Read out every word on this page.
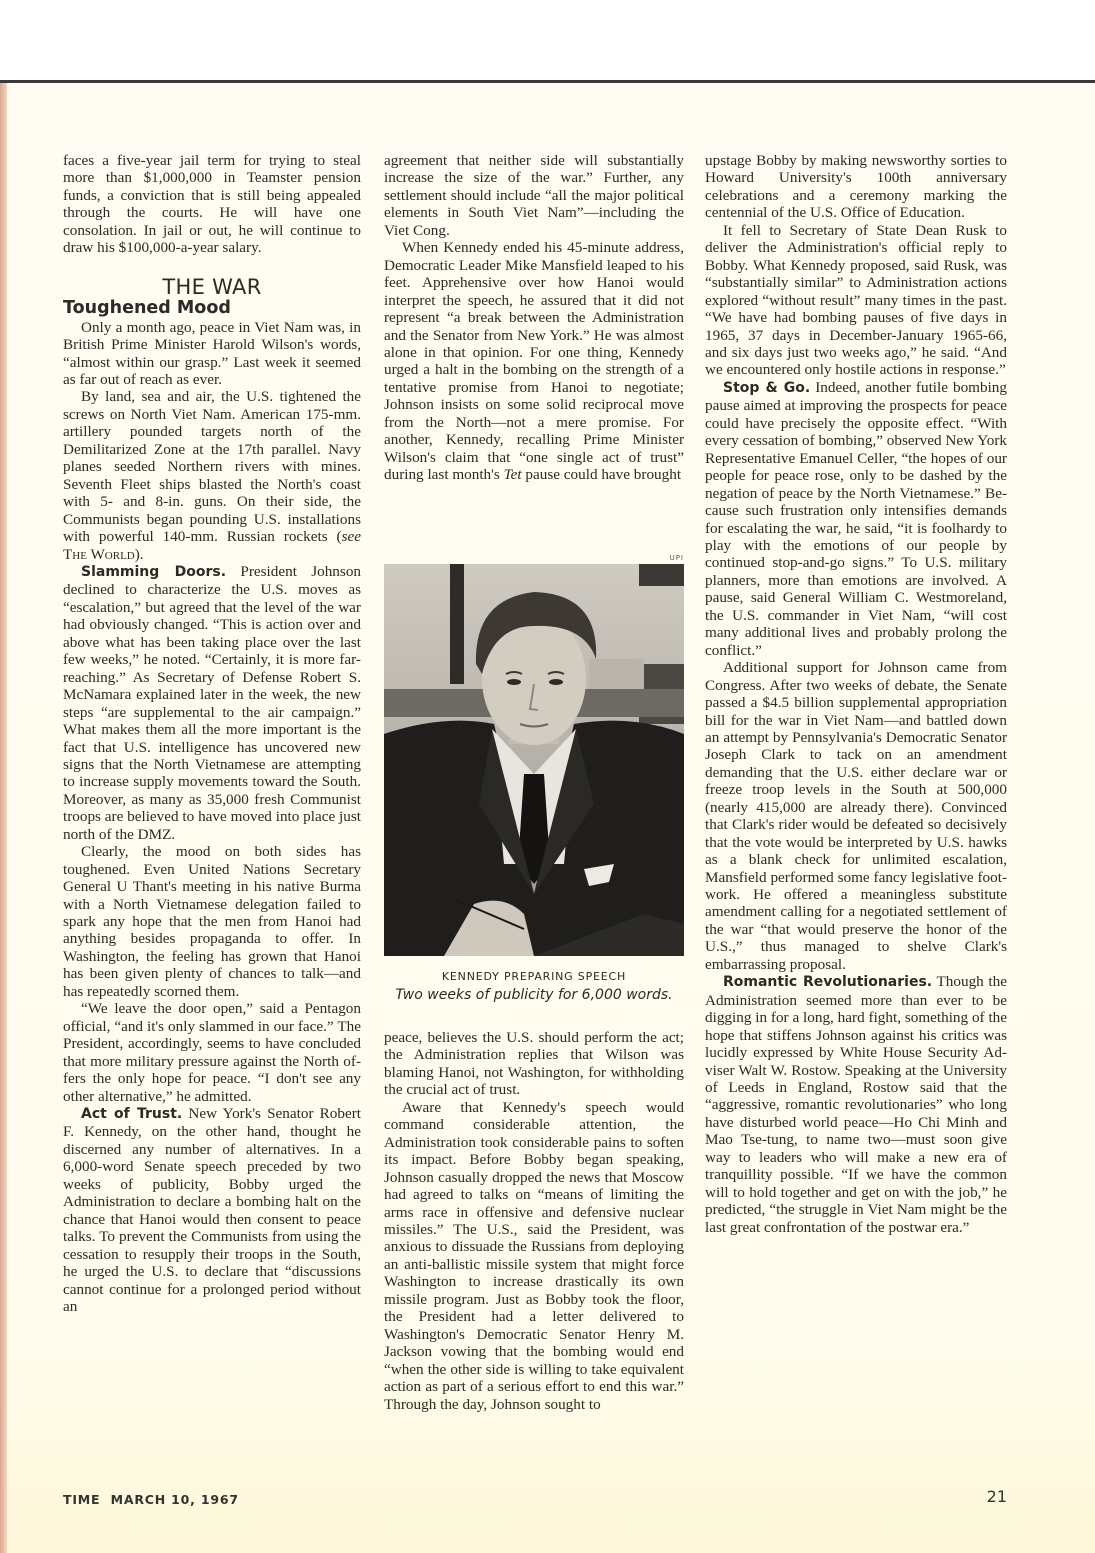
faces a five-year jail term for trying to steal more than $1,000,000 in Teamster pension funds, a conviction that is still being appealed through the courts. He will have one consolation. In jail or out, he will continue to draw his $100,000-a-year salary.

THE WAR
Toughened Mood

Only a month ago, peace in Viet Nam was, in British Prime Minister Harold Wilson's words, “almost within our grasp.” Last week it seemed as far out of reach as ever.

By land, sea and air, the U.S. tightened the screws on North Viet Nam. American 175-mm. artillery pounded targets north of the Demilitarized Zone at the 17th parallel. Navy planes seeded Northern rivers with mines. Seventh Fleet ships blasted the North's coast with 5- and 8-in. guns. On their side, the Communists began pounding U.S. installations with powerful 140-mm. Russian rockets (see The World).

Slamming Doors. President Johnson declined to characterize the U.S. moves as “escalation,” but agreed that the level of the war had obviously changed. “This is action over and above what has been taking place over the last few weeks,” he noted. “Certainly, it is more far-reaching.” As Secretary of Defense Robert S. McNamara explained later in the week, the new steps “are supplemental to the air campaign.” What makes them all the more important is the fact that U.S. intelligence has uncovered new signs that the North Vietnamese are attempting to increase supply movements toward the South. Moreover, as many as 35,000 fresh Communist troops are believed to have moved into place just north of the DMZ.

Clearly, the mood on both sides has toughened. Even United Nations Secretary General U Thant's meeting in his native Burma with a North Vietnamese delegation failed to spark any hope that the men from Hanoi had anything besides propaganda to offer. In Washington, the feeling has grown that Hanoi has been given plenty of chances to talk—and has repeatedly scorned them.

“We leave the door open,” said a Pentagon official, “and it's only slammed in our face.” The President, accordingly, seems to have concluded that more military pressure against the North offers the only hope for peace. “I don't see any other alternative,” he admitted.

Act of Trust. New York's Senator Robert F. Kennedy, on the other hand, thought he discerned any number of alternatives. In a 6,000-word Senate speech preceded by two weeks of publicity, Bobby urged the Administration to declare a bombing halt on the chance that Hanoi would then consent to peace talks. To prevent the Communists from using the cessation to resupply their troops in the South, he urged the U.S. to declare that “discussions cannot continue for a prolonged period without an

agreement that neither side will substantially increase the size of the war.” Further, any settlement should include “all the major political elements in South Viet Nam”—including the Viet Cong.

When Kennedy ended his 45-minute address, Democratic Leader Mike Mansfield leaped to his feet. Apprehensive over how Hanoi would interpret the speech, he assured that it did not represent “a break between the Administration and the Senator from New York.” He was almost alone in that opinion. For one thing, Kennedy urged a halt in the bombing on the strength of a tentative promise from Hanoi to negotiate; Johnson insists on some solid reciprocal move from the North—not a mere promise. For another, Kennedy, recalling Prime Minister Wilson's claim that “one single act of trust” during last month's Tet pause could have brought

UPI
KENNEDY PREPARING SPEECH
Two weeks of publicity for 6,000 words.

peace, believes the U.S. should perform the act; the Administration replies that Wilson was blaming Hanoi, not Washington, for withholding the crucial act of trust.

Aware that Kennedy's speech would command considerable attention, the Administration took considerable pains to soften its impact. Before Bobby began speaking, Johnson casually dropped the news that Moscow had agreed to talks on “means of limiting the arms race in offensive and defensive nuclear missiles.” The U.S., said the President, was anxious to dissuade the Russians from deploying an anti-ballistic missile system that might force Washington to increase drastically its own missile program. Just as Bobby took the floor, the President had a letter delivered to Washington's Democratic Senator Henry M. Jackson vowing that the bombing would end “when the other side is willing to take equivalent action as part of a serious effort to end this war.” Through the day, Johnson sought to

upstage Bobby by making newsworthy sorties to Howard University's 100th anniversary celebrations and a ceremony marking the centennial of the U.S. Office of Education.

It fell to Secretary of State Dean Rusk to deliver the Administration's official reply to Bobby. What Kennedy proposed, said Rusk, was “substantially similar” to Administration actions explored “without result” many times in the past. “We have had bombing pauses of five days in 1965, 37 days in December-January 1965-66, and six days just two weeks ago,” he said. “And we encountered only hostile actions in response.”

Stop & Go. Indeed, another futile bombing pause aimed at improving the prospects for peace could have precisely the opposite effect. “With every cessation of bombing,” observed New York Representative Emanuel Celler, “the hopes of our people for peace rose, only to be dashed by the negation of peace by the North Vietnamese.” Because such frustration only intensifies demands for escalating the war, he said, “it is foolhardy to play with the emotions of our people by continued stop-and-go signs.” To U.S. military planners, more than emotions are involved. A pause, said General William C. Westmoreland, the U.S. commander in Viet Nam, “will cost many additional lives and probably prolong the conflict.”

Additional support for Johnson came from Congress. After two weeks of debate, the Senate passed a $4.5 billion supplemental appropriation bill for the war in Viet Nam—and battled down an attempt by Pennsylvania's Democratic Senator Joseph Clark to tack on an amendment demanding that the U.S. either declare war or freeze troop levels in the South at 500,000 (nearly 415,000 are already there). Convinced that Clark's rider would be defeated so decisively that the vote would be interpreted by U.S. hawks as a blank check for unlimited escalation, Mansfield performed some fancy legislative footwork. He offered a meaningless substitute amendment calling for a negotiated settlement of the war “that would preserve the honor of the U.S.,” thus managed to shelve Clark's embarrassing proposal.

Romantic Revolutionaries. Though the Administration seemed more than ever to be digging in for a long, hard fight, something of the hope that stiffens Johnson against his critics was lucidly expressed by White House Security Adviser Walt W. Rostow. Speaking at the University of Leeds in England, Rostow said that the “aggressive, romantic revolutionaries” who long have disturbed world peace—Ho Chi Minh and Mao Tse-tung, to name two—must soon give way to leaders who will make a new era of tranquillity possible. “If we have the common will to hold together and get on with the job,” he predicted, “the struggle in Viet Nam might be the last great confrontation of the postwar era.”

TIME  MARCH 10, 1967	21
